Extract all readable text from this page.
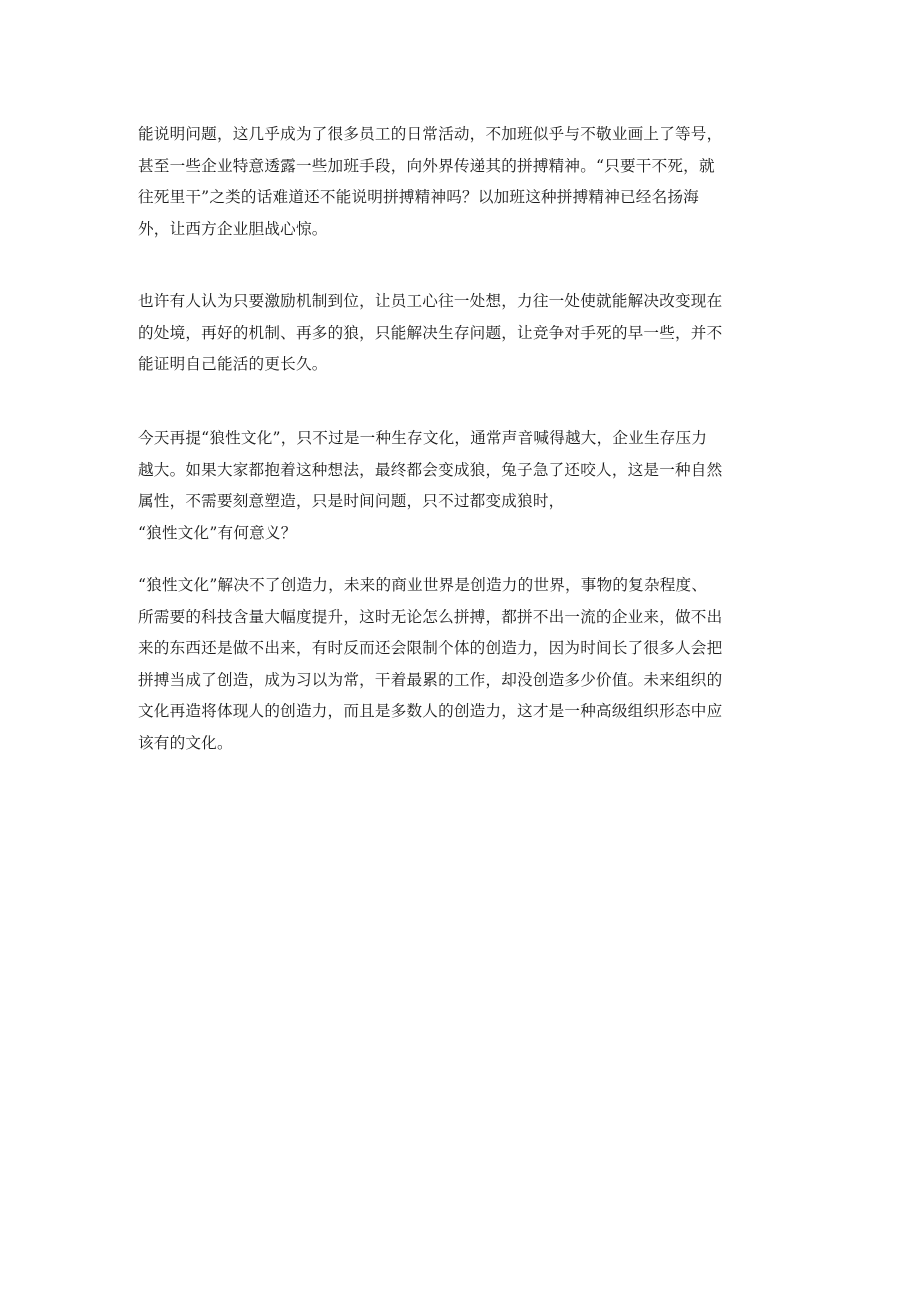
能说明问题，这几乎成为了很多员工的日常活动，不加班似乎与不敬业画上了等号，
甚至一些企业特意透露一些加班手段，向外界传递其的拼搏精神。“只要干不死，就
往死里干”之类的话难道还不能说明拼搏精神吗？以加班这种拼搏精神已经名扬海
外，让西方企业胆战心惊。

也许有人认为只要激励机制到位，让员工心往一处想，力往一处使就能解决改变现在
的处境，再好的机制、再多的狼，只能解决生存问题，让竞争对手死的早一些，并不
能证明自己能活的更长久。

今天再提“狼性文化”，只不过是一种生存文化，通常声音喊得越大，企业生存压力
越大。如果大家都抱着这种想法，最终都会变成狼，兔子急了还咬人，这是一种自然
属性，不需要刻意塑造，只是时间问题，只不过都变成狼时，
“狼性文化”有何意义？

“狼性文化”解决不了创造力，未来的商业世界是创造力的世界，事物的复杂程度、
所需要的科技含量大幅度提升，这时无论怎么拼搏，都拼不出一流的企业来，做不出
来的东西还是做不出来，有时反而还会限制个体的创造力，因为时间长了很多人会把
拼搏当成了创造，成为习以为常，干着最累的工作，却没创造多少价值。未来组织的
文化再造将体现人的创造力，而且是多数人的创造力，这才是一种高级组织形态中应
该有的文化。
